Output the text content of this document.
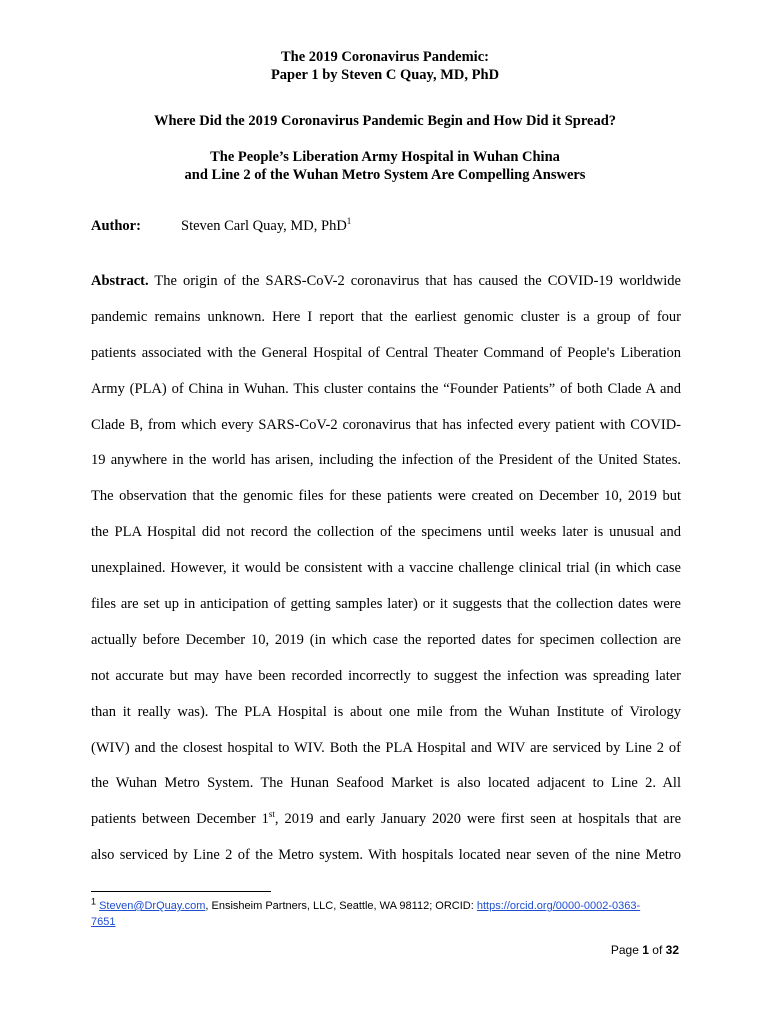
The 2019 Coronavirus Pandemic:
Paper 1 by Steven C Quay, MD, PhD
Where Did the 2019 Coronavirus Pandemic Begin and How Did it Spread?
The People’s Liberation Army Hospital in Wuhan China
and Line 2 of the Wuhan Metro System Are Compelling Answers
Author:	Steven Carl Quay, MD, PhD$^1$
Abstract. The origin of the SARS-CoV-2 coronavirus that has caused the COVID-19 worldwide
pandemic remains unknown. Here I report that the earliest genomic cluster is a group of four
patients associated with the General Hospital of Central Theater Command of People's Liberation
Army (PLA) of China in Wuhan. This cluster contains the “Founder Patients” of both Clade A and
Clade B, from which every SARS-CoV-2 coronavirus that has infected every patient with COVID-
19 anywhere in the world has arisen, including the infection of the President of the United States.
The observation that the genomic files for these patients were created on December 10, 2019 but
the PLA Hospital did not record the collection of the specimens until weeks later is unusual and
unexplained. However, it would be consistent with a vaccine challenge clinical trial (in which case
files are set up in anticipation of getting samples later) or it suggests that the collection dates were
actually before December 10, 2019 (in which case the reported dates for specimen collection are
not accurate but may have been recorded incorrectly to suggest the infection was spreading later
than it really was). The PLA Hospital is about one mile from the Wuhan Institute of Virology
(WIV) and the closest hospital to WIV. Both the PLA Hospital and WIV are serviced by Line 2 of
the Wuhan Metro System. The Hunan Seafood Market is also located adjacent to Line 2. All
patients between December 1st, 2019 and early January 2020 were first seen at hospitals that are
also serviced by Line 2 of the Metro system. With hospitals located near seven of the nine Metro
$^1$ Steven@DrQuay.com, Ensisheim Partners, LLC, Seattle, WA 98112; ORCID: https://orcid.org/0000-0002-0363-
7651
Page 1 of 32
